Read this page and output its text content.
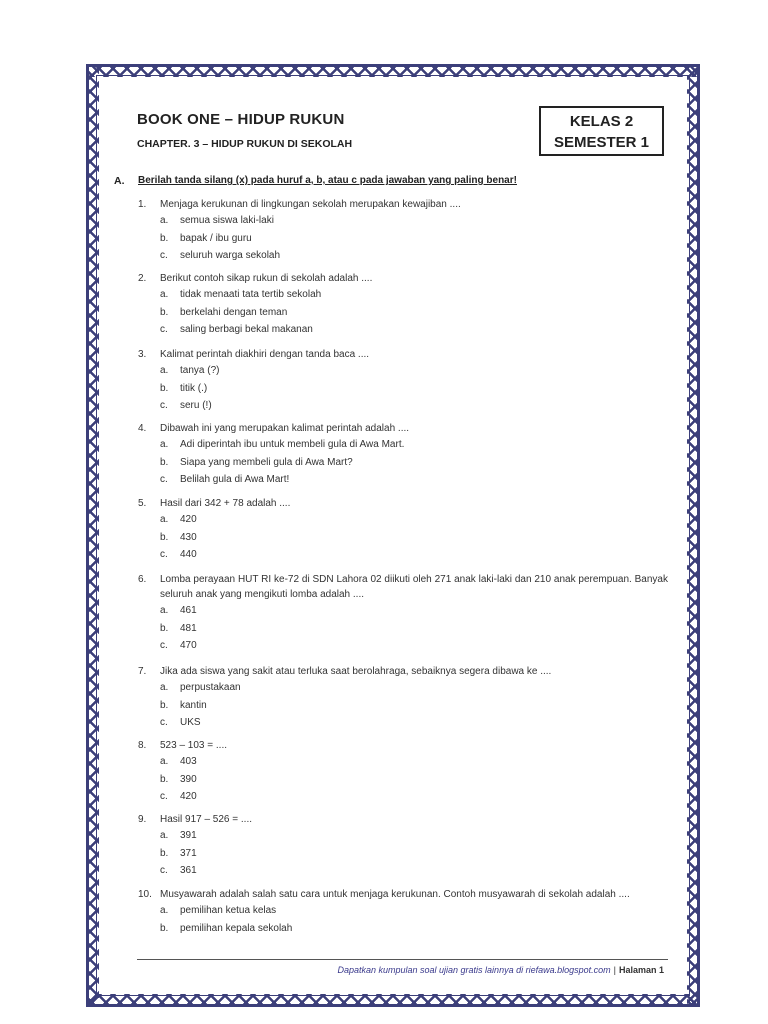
BOOK ONE – HIDUP RUKUN
CHAPTER. 3 – HIDUP RUKUN DI SEKOLAH
KELAS 2
SEMESTER 1
A. Berilah tanda silang (x) pada huruf a, b, atau c pada jawaban yang paling benar!
1. Menjaga kerukunan di lingkungan sekolah merupakan kewajiban ....
a. semua siswa laki-laki
b. bapak / ibu guru
c. seluruh warga sekolah
2. Berikut contoh sikap rukun di sekolah adalah ....
a. tidak menaati tata tertib sekolah
b. berkelahi dengan teman
c. saling berbagi bekal makanan
3. Kalimat perintah diakhiri dengan tanda baca ....
a. tanya (?)
b. titik (.)
c. seru (!)
4. Dibawah ini yang merupakan kalimat perintah adalah ....
a. Adi diperintah ibu untuk membeli gula di Awa Mart.
b. Siapa yang membeli gula di Awa Mart?
c. Belilah gula di Awa Mart!
5. Hasil dari 342 + 78 adalah ....
a. 420
b. 430
c. 440
6. Lomba perayaan HUT RI ke-72 di SDN Lahora 02 diikuti oleh 271 anak laki-laki dan 210 anak perempuan. Banyak seluruh anak yang mengikuti lomba adalah ....
a. 461
b. 481
c. 470
7. Jika ada siswa yang sakit atau terluka saat berolahraga, sebaiknya segera dibawa ke ....
a. perpustakaan
b. kantin
c. UKS
8. 523 – 103 = ....
a. 403
b. 390
c. 420
9. Hasil 917 – 526 = ....
a. 391
b. 371
c. 361
10. Musyawarah adalah salah satu cara untuk menjaga kerukunan. Contoh musyawarah di sekolah adalah ....
a. pemilihan ketua kelas
b. pemilihan kepala sekolah
Dapatkan kumpulan soal ujian gratis lainnya di riefawa.blogspot.com | Halaman 1
